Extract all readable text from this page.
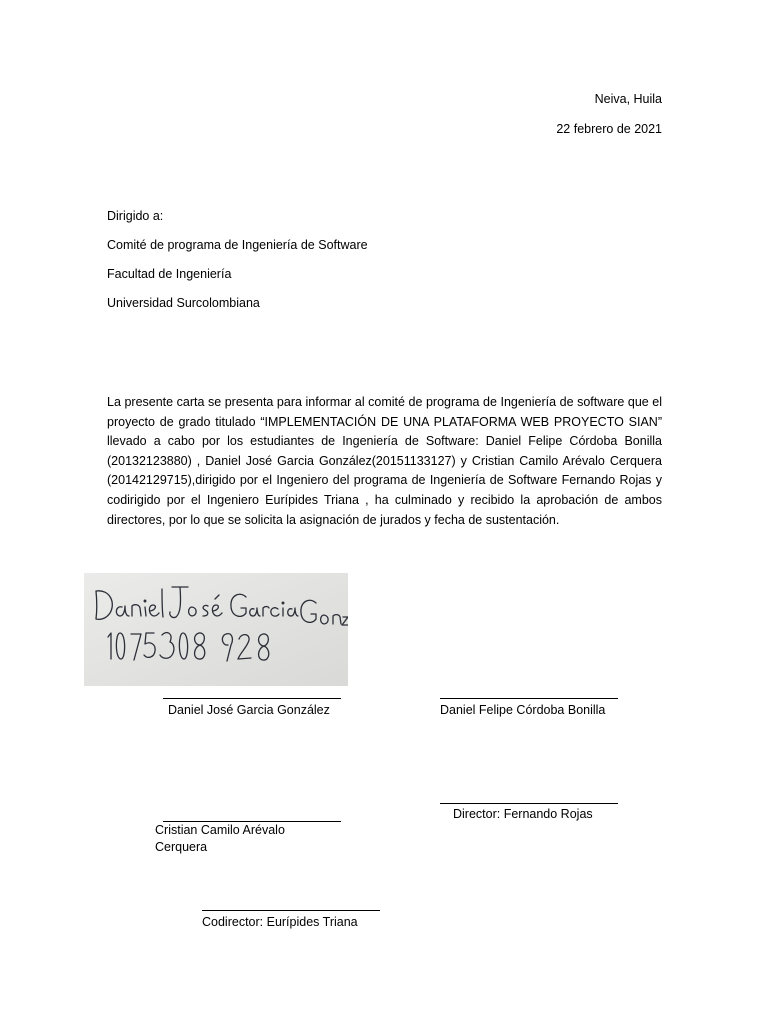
Neiva, Huila
22 febrero de 2021
Dirigido a:
Comité de programa de Ingeniería de Software
Facultad de Ingeniería
Universidad Surcolombiana
La presente carta se presenta para informar al comité de programa de Ingeniería de software que el proyecto de grado titulado “IMPLEMENTACIÓN DE UNA PLATAFORMA WEB PROYECTO SIAN” llevado a cabo por los estudiantes de Ingeniería de Software: Daniel Felipe Córdoba Bonilla (20132123880) , Daniel José Garcia González(20151133127) y Cristian Camilo Arévalo Cerquera (20142129715),dirigido por el Ingeniero del programa de Ingeniería de Software Fernando Rojas y codirigido por el Ingeniero Eurípides Triana , ha culminado y recibido la aprobación de ambos directores, por lo que se solicita la asignación de jurados y fecha de sustentación.
Daniel José Garcia González	Daniel Felipe Córdoba Bonilla
Director: Fernando Rojas
Cristian Camilo Arévalo
Cerquera
Codirector: Eurípides Triana
